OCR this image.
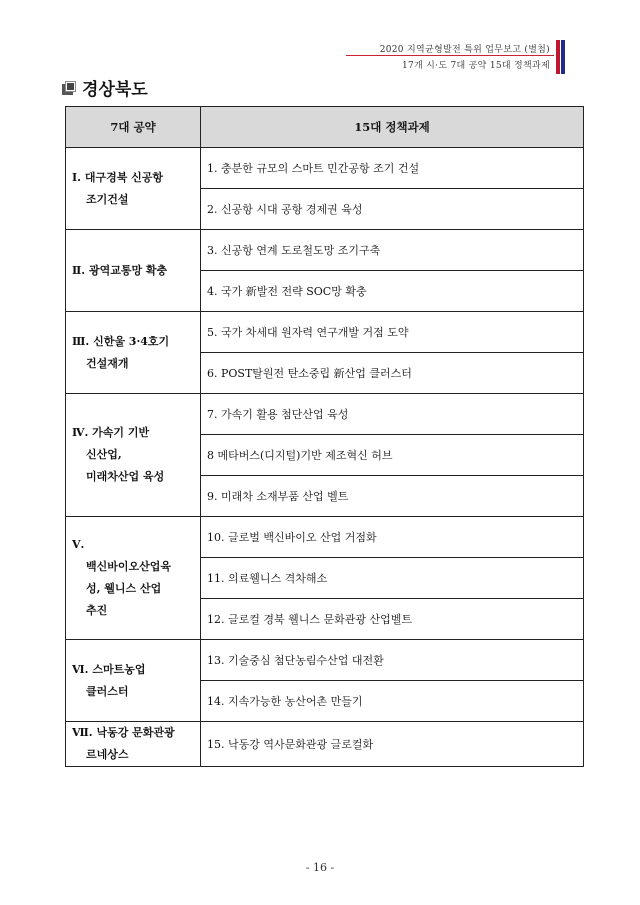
2020 지역균형발전 특위 업무보고 (별첨)
17개 시·도 7대 공약 15대 정책과제
경상북도
7대 공약	15대 정책과제
Ⅰ. 대구경북 신공항
조기건설	1. 충분한 규모의 스마트 민간공항 조기 건설
	2. 신공항 시대 공항 경제권 육성
Ⅱ. 광역교통망 확충	3. 신공항 연계 도로철도망 조기구축
	4. 국가 新발전 전략 SOC망 확충
Ⅲ. 신한울 3·4호기
건설재개	5. 국가 차세대 원자력 연구개발 거점 도약
	6. POST탈원전 탄소중립 新산업 클러스터
Ⅳ. 가속기 기반
신산업,
미래차산업 육성	7. 가속기 활용 첨단산업 육성
	8 메타버스(디지털)기반 제조혁신 허브
	9. 미래차 소재부품 산업 벨트
Ⅴ.
백신바이오산업육
성, 웰니스 산업
추진	10. 글로벌 백신바이오 산업 거점화
	11. 의료웰니스 격차해소
	12. 글로컬 경북 웰니스 문화관광 산업벨트
Ⅵ. 스마트농업
클러스터	13. 기술중심 첨단농림수산업 대전환
	14. 지속가능한 농산어촌 만들기
Ⅶ. 낙동강 문화관광
르네상스	15. 낙동강 역사문화관광 글로컬화
- 16 -
